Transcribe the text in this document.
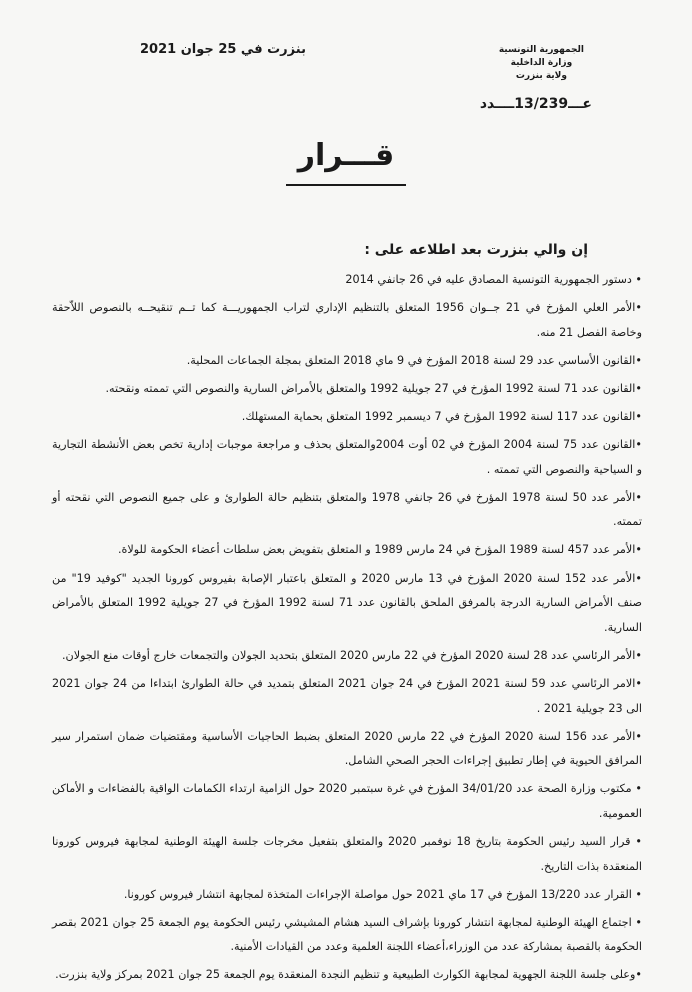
الجمهورية التونسية
وزارة الداخلية
ولاية بنزرت
بنزرت في 25 جوان 2021
عـــ13/239ــــدد
قـــرار
إن والي بنزرت بعد اطلاعه على :

• دستور الجمهورية التونسية المصادق عليه في 26 جانفي 2014

•الأمر العلي المؤرخ في 21 جــوان 1956 المتعلق بالتنظيم الإداري لتراب الجمهوريـــة كما تــم تنقيحــه بالنصوص اللاّحقة وخاصة الفصل 21 منه.

•القانون الأساسي عدد 29 لسنة 2018 المؤرخ في 9 ماي 2018 المتعلق بمجلة الجماعات المحلية.

•القانون عدد 71 لسنة 1992 المؤرخ في 27 جويلية 1992 والمتعلق بالأمراض السارية والنصوص التي تممته ونقحته.

•القانون عدد 117 لسنة 1992 المؤرخ في 7 ديسمبر 1992 المتعلق بحماية المستهلك.

•القانون عدد 75 لسنة 2004 المؤرخ في 02 أوت 2004والمتعلق بحذف و مراجعة موجبات إدارية تخص بعض الأنشطة التجارية و السياحية والنصوص التي تممته .

•الأمر عدد 50 لسنة 1978 المؤرخ في 26 جانفي 1978 والمتعلق بتنظيم حالة الطوارئ و على جميع النصوص التي نقحته أو تممته.

•الأمر عدد 457 لسنة 1989 المؤرخ في 24 مارس 1989 و المتعلق بتفويض بعض سلطات أعضاء الحكومة للولاة.

•الأمر عدد 152 لسنة 2020 المؤرخ في 13 مارس 2020 و المتعلق باعتبار الإصابة بفيروس كورونا الجديد "كوفيد 19" من صنف الأمراض السارية الدرجة بالمرفق الملحق بالقانون عدد 71 لسنة 1992 المؤرخ في 27 جويلية 1992 المتعلق بالأمراض السارية.

•الأمر الرئاسي عدد 28 لسنة 2020 المؤرخ في 22 مارس 2020 المتعلق بتحديد الجولان والتجمعات خارج أوقات منع الجولان.

•الامر الرئاسي عدد 59 لسنة 2021 المؤرخ في 24 جوان 2021 المتعلق بتمديد في حالة الطوارئ ابتداءا من 24 جوان 2021 الى 23 جويلية 2021 .

•الأمر عدد 156 لسنة 2020 المؤرخ في 22 مارس 2020 المتعلق بضبط الحاجيات الأساسية ومقتضيات ضمان استمرار سير المرافق الحيوية في إطار تطبيق إجراءات الحجر الصحي الشامل.

• مكتوب وزارة الصحة عدد 34/01/20 المؤرخ في غرة سبتمبر 2020 حول الزامية ارتداء الكمامات الواقية بالفضاءات و الأماكن العمومية.

• قرار السيد رئيس الحكومة بتاريخ 18 نوفمبر 2020 والمتعلق بتفعيل مخرجات جلسة الهيئة الوطنية لمجابهة فيروس كورونا المنعقدة بذات التاريخ.

• القرار عدد 13/220 المؤرخ في 17 ماي 2021 حول مواصلة الإجراءات المتخذة لمجابهة انتشار فيروس كورونا.

• اجتماع الهيئة الوطنية لمجابهة انتشار كورونا بإشراف السيد هشام المشيشي رئيس الحكومة يوم الجمعة 25 جوان 2021 بقصر الحكومة بالقصبة بمشاركة عدد من الوزراء،أعضاء اللجنة العلمية وعدد من القيادات الأمنية.

•وعلى جلسة اللجنة الجهوية لمجابهة الكوارث الطبيعية و تنظيم النجدة المنعقدة يوم الجمعة 25 جوان 2021 بمركز ولاية بنزرت.
